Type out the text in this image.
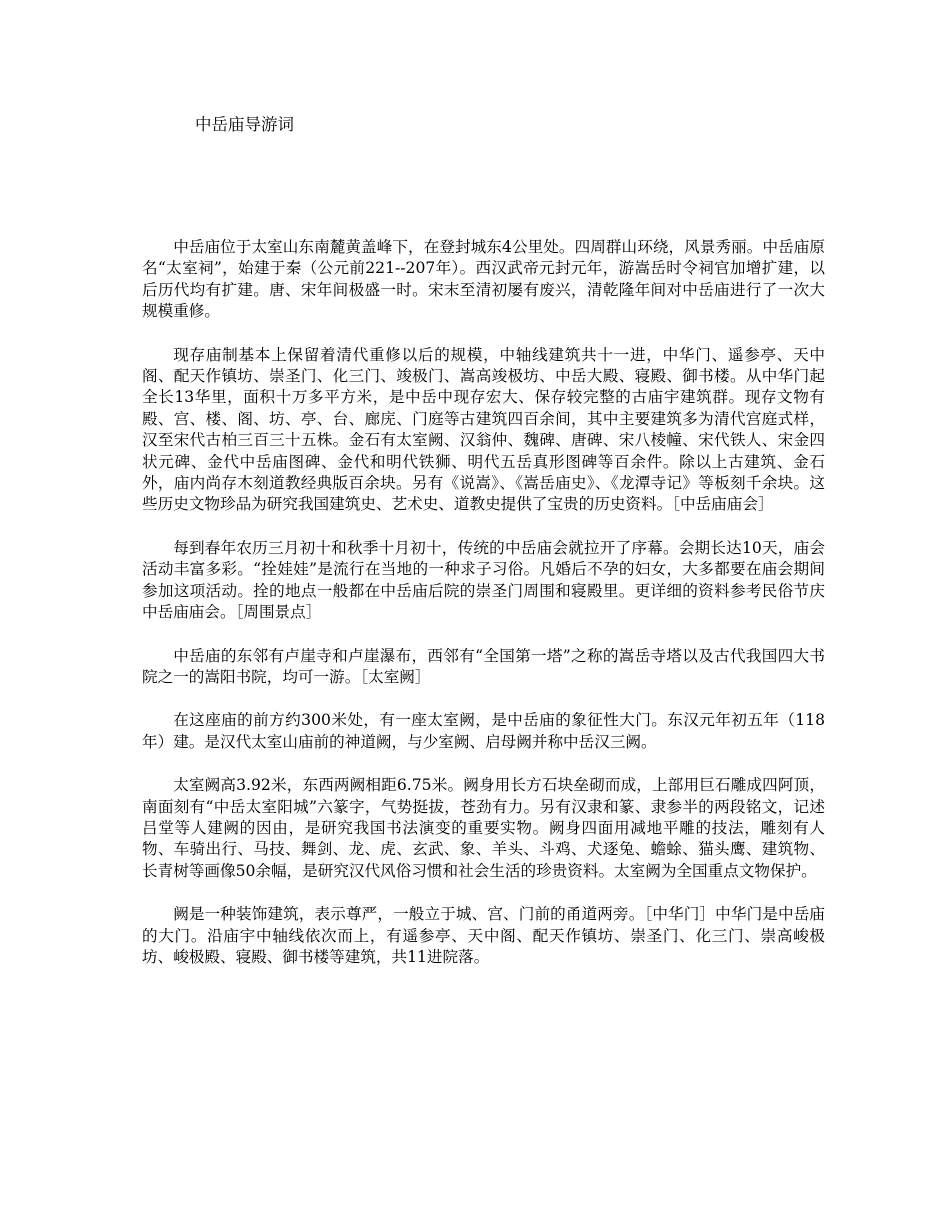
中岳庙导游词

中岳庙位于太室山东南麓黄盖峰下，在登封城东4公里处。四周群山环绕，风景秀丽。中岳庙原名“太室祠”，始建于秦（公元前221--207年）。西汉武帝元封元年，游嵩岳时令祠官加增扩建，以后历代均有扩建。唐、宋年间极盛一时。宋末至清初屡有废兴，清乾隆年间对中岳庙进行了一次大规模重修。

现存庙制基本上保留着清代重修以后的规模，中轴线建筑共十一进，中华门、遥参亭、天中阁、配天作镇坊、崇圣门、化三门、竣极门、嵩高竣极坊、中岳大殿、寝殿、御书楼。从中华门起全长13华里，面积十万多平方米，是中岳中现存宏大、保存较完整的古庙宇建筑群。现存文物有殿、宫、楼、阁、坊、亭、台、廊庑、门庭等古建筑四百余间，其中主要建筑多为清代宫庭式样，汉至宋代古柏三百三十五株。金石有太室阙、汉翁仲、魏碑、唐碑、宋八棱幢、宋代铁人、宋金四状元碑、金代中岳庙图碑、金代和明代铁狮、明代五岳真形图碑等百余件。除以上古建筑、金石外，庙内尚存木刻道教经典版百余块。另有《说嵩》、《嵩岳庙史》、《龙潭寺记》等板刻千余块。这些历史文物珍品为研究我国建筑史、艺术史、道教史提供了宝贵的历史资料。［中岳庙庙会］

每到春年农历三月初十和秋季十月初十，传统的中岳庙会就拉开了序幕。会期长达10天，庙会活动丰富多彩。“拴娃娃”是流行在当地的一种求子习俗。凡婚后不孕的妇女，大多都要在庙会期间参加这项活动。拴的地点一般都在中岳庙后院的崇圣门周围和寝殿里。更详细的资料参考民俗节庆中岳庙庙会。［周围景点］

中岳庙的东邻有卢崖寺和卢崖瀑布，西邻有“全国第一塔”之称的嵩岳寺塔以及古代我国四大书院之一的嵩阳书院，均可一游。［太室阙］

在这座庙的前方约300米处，有一座太室阙，是中岳庙的象征性大门。东汉元年初五年（118年）建。是汉代太室山庙前的神道阙，与少室阙、启母阙并称中岳汉三阙。

太室阙高3.92米，东西两阙相距6.75米。阙身用长方石块垒砌而成，上部用巨石雕成四阿顶，南面刻有“中岳太室阳城”六篆字，气势挺拔，苍劲有力。另有汉隶和篆、隶参半的两段铭文，记述吕堂等人建阙的因由，是研究我国书法演变的重要实物。阙身四面用减地平雕的技法，雕刻有人物、车骑出行、马技、舞剑、龙、虎、玄武、象、羊头、斗鸡、犬逐兔、蟾蜍、猫头鹰、建筑物、长青树等画像50余幅，是研究汉代风俗习惯和社会生活的珍贵资料。太室阙为全国重点文物保护。

阙是一种装饰建筑，表示尊严，一般立于城、宫、门前的甬道两旁。［中华门］中华门是中岳庙的大门。沿庙宇中轴线依次而上，有遥参亭、天中阁、配天作镇坊、崇圣门、化三门、崇高峻极坊、峻极殿、寝殿、御书楼等建筑，共11进院落。
